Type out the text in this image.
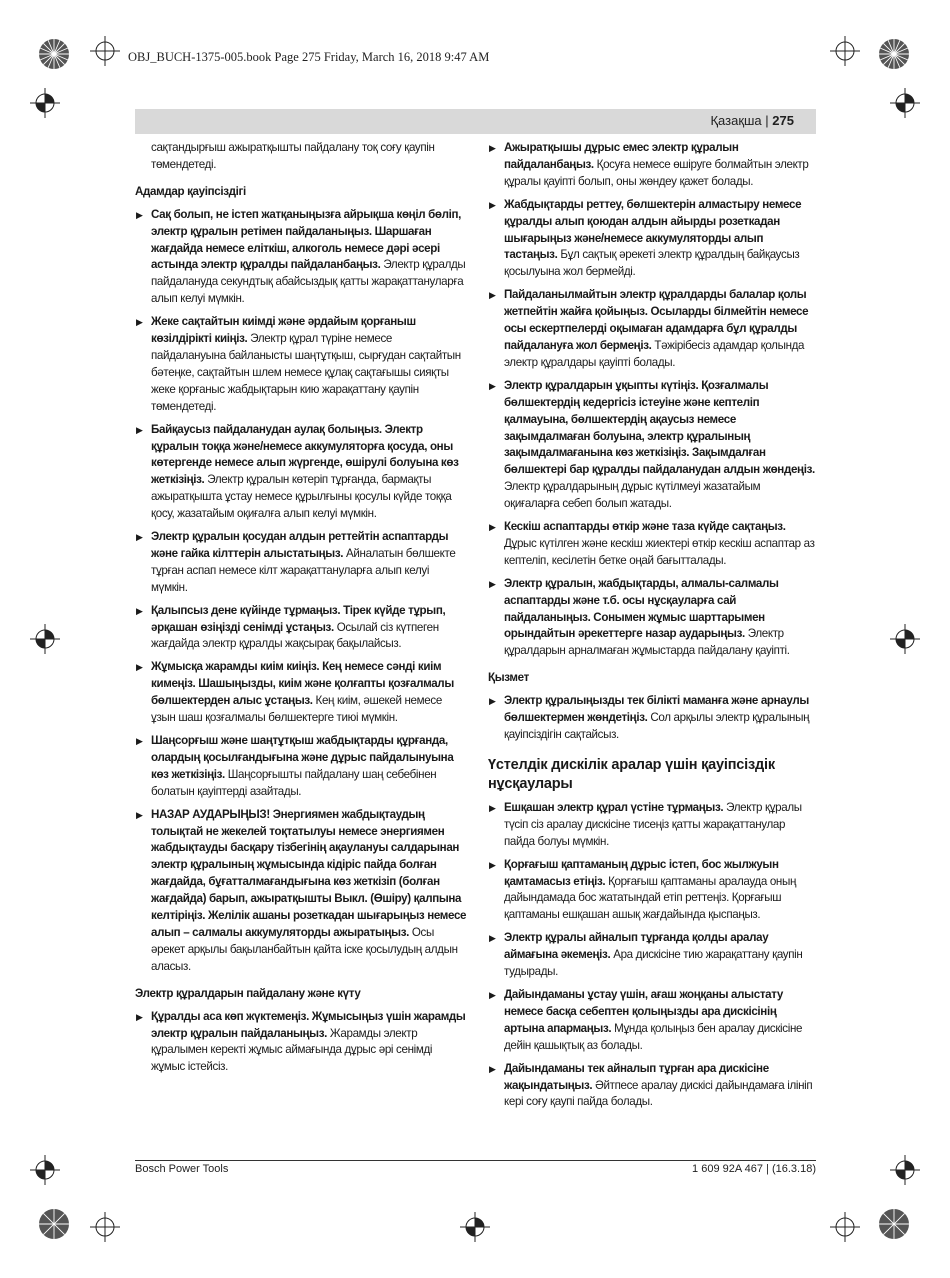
OBJ_BUCH-1375-005.book Page 275 Friday, March 16, 2018 9:47 AM
Қазақша | 275

сақтандырғыш ажыратқышты пайдалану тоқ соғу қаупін төмендетеді.

Адамдар қауіпсіздігі
▶ Сақ болып, не істеп жатқаныңызға айрықша көңіл бөліп, электр құралын ретімен пайдаланыңыз. Шаршаған жағдайда немесе еліткіш, алкоголь немесе дәрі әсері астында электр құралды пайдаланбаңыз. Электр құралды пайдалануда секундтық абайсыздық қатты жарақаттануларға алып келуі мүмкін.
▶ Жеке сақтайтын киімді және әрдайым қорғаныш көзілдірікті киіңіз. Электр құрал түріне немесе пайдалануына байланысты шаңтұтқыш, сырғудан сақтайтын бәтеңке, сақтайтын шлем немесе құлақ сақтағышы сияқты жеке қорғаныс жабдықтарын кию жарақаттану қаупін төмендетеді.
▶ Байқаусыз пайдаланудан аулақ болыңыз. Электр құралын тоққа және/немесе аккумуляторға қосуда, оны көтергенде немесе алып жүргенде, өшірулі болуына көз жеткізіңіз. Электр құралын көтеріп тұрғанда, бармақты ажыратқышта ұстау немесе құрылғыны қосулы күйде тоққа қосу, жазатайым оқиғалға алып келуі мүмкін.
▶ Электр құралын қосудан алдын реттейтін аспаптарды және гайка кілттерін алыстатыңыз. Айналатын бөлшекте тұрған аспап немесе кілт жарақаттануларға алып келуі мүмкін.
▶ Қалыпсыз дене күйінде тұрмаңыз. Тірек күйде тұрып, әрқашан өзіңізді сенімді ұстаңыз. Осылай сіз күтпеген жағдайда электр құралды жақсырақ бақылайсыз.
▶ Жұмысқа жарамды киім киіңіз. Кең немесе сәнді киім кимеңіз. Шашыңызды, киім және қолғапты қозғалмалы бөлшектерден алыс ұстаңыз. Кең киім, әшекей немесе ұзын шаш қозғалмалы бөлшектерге тиюі мүмкін.
▶ Шаңсорғыш және шаңтұтқыш жабдықтарды құрғанда, олардың қосылғандығына және дұрыс пайдалынуына көз жеткізіңіз. Шаңсорғышты пайдалану шаң себебінен болатын қауіптерді азайтады.
▶ НАЗАР АУДАРЫҢЫЗ! Энергиямен жабдықтаудың толықтай не жекелей тоқтатылуы немесе энергиямен жабдықтауды басқару тізбегінің ақаулануы салдарынан электр құралының жұмысында кідіріс пайда болған жағдайда, бұғатталмағандығына көз жеткізіп (болған жағдайда) барып, ажыратқышты Выкл. (Өшіру) қалпына келтіріңіз. Желілік ашаны розеткадан шығарыңыз немесе алып – салмалы аккумуляторды ажыратыңыз. Осы әрекет арқылы бақыланбайтын қайта іске қосылудың алдын аласыз.
Электр құралдарын пайдалану және күту
▶ Құралды аса көп жүктемеңіз. Жұмысыңыз үшін жарамды электр құралын пайдаланыңыз. Жарамды электр құралымен керекті жұмыс аймағында дұрыс әрі сенімді жұмыс істейсіз.
▶ Ажыратқышы дұрыс емес электр құралын пайдаланбаңыз. Қосуға немесе өшіруге болмайтын электр құралы қауіпті болып, оны жөндеу қажет болады.
▶ Жабдықтарды реттеу, бөлшектерін алмастыру немесе құралды алып қоюдан алдын айырды розеткадан шығарыңыз және/немесе аккумуляторды алып тастаңыз. Бұл сақтық әрекеті электр құралдың байқаусыз қосылуына жол бермейді.
▶ Пайдаланылмайтын электр құралдарды балалар қолы жетпейтін жайға қойыңыз. Осыларды білмейтін немесе осы ескертпелерді оқымаған адамдарға бұл құралды пайдалануға жол бермеңіз. Тәжірібесіз адамдар қолында электр құралдары қауіпті болады.
▶ Электр құралдарын ұқыпты күтіңіз. Қозғалмалы бөлшектердің кедергісіз істеуіне және кептеліп қалмауына, бөлшектердің ақаусыз немесе зақымдалмаған болуына, электр құралының зақымдалмағанына көз жеткізіңіз. Зақымдалған бөлшектері бар құралды пайдаланудан алдын жөндеңіз. Электр құралдарының дұрыс күтілмеуі жазатайым оқиғаларға себеп болып жатады.
▶ Кескіш аспаптарды өткір және таза күйде сақтаңыз. Дұрыс күтілген және кескіш жиектері өткір кескіш аспаптар аз кептеліп, кесілетін бетке оңай бағытталады.
▶ Электр құралын, жабдықтарды, алмалы-салмалы аспаптарды және т.б. осы нұсқауларға сай пайдаланыңыз. Сонымен жұмыс шарттарымен орындайтын әрекеттерге назар аударыңыз. Электр құралдарын арналмаған жұмыстарда пайдалану қауіпті.
Қызмет
▶ Электр құралыңызды тек білікті маманға және арнаулы бөлшектермен жөндетіңіз. Сол арқылы электр құралының қауіпсіздігін сақтайсыз.
Үстелдік дискілік аралар үшін қауіпсіздік нұсқаулары
▶ Ешқашан электр құрал үстіне тұрмаңыз. Электр құралы түсіп сіз аралау дискісіне тисеңіз қатты жарақаттанулар пайда болуы мүмкін.
▶ Қорғағыш қаптаманың дұрыс істеп, бос жылжуын қамтамасыз етіңіз. Қорғағыш қаптаманы аралауда оның дайындамада бос жататындай етіп реттеңіз. Қорғағыш қаптаманы ешқашан ашық жағдайында қыспаңыз.
▶ Электр құралы айналып тұрғанда қолды аралау аймағына әкемеңіз. Ара дискісіне тию жарақаттану қаупін тудырады.
▶ Дайындаманы ұстау үшін, ағаш жоңқаны алыстату немесе басқа себептен қолыңызды ара дискісінің артына апармаңыз. Мұнда қолыңыз бен аралау дискісіне дейін қашықтық аз болады.
▶ Дайындаманы тек айналып тұрған ара дискісіне жақындатыңыз. Әйтпесе аралау дискісі дайындамаға ілініп кері соғу қаупі пайда болады.
Bosch Power Tools	1 609 92A 467 | (16.3.18)
